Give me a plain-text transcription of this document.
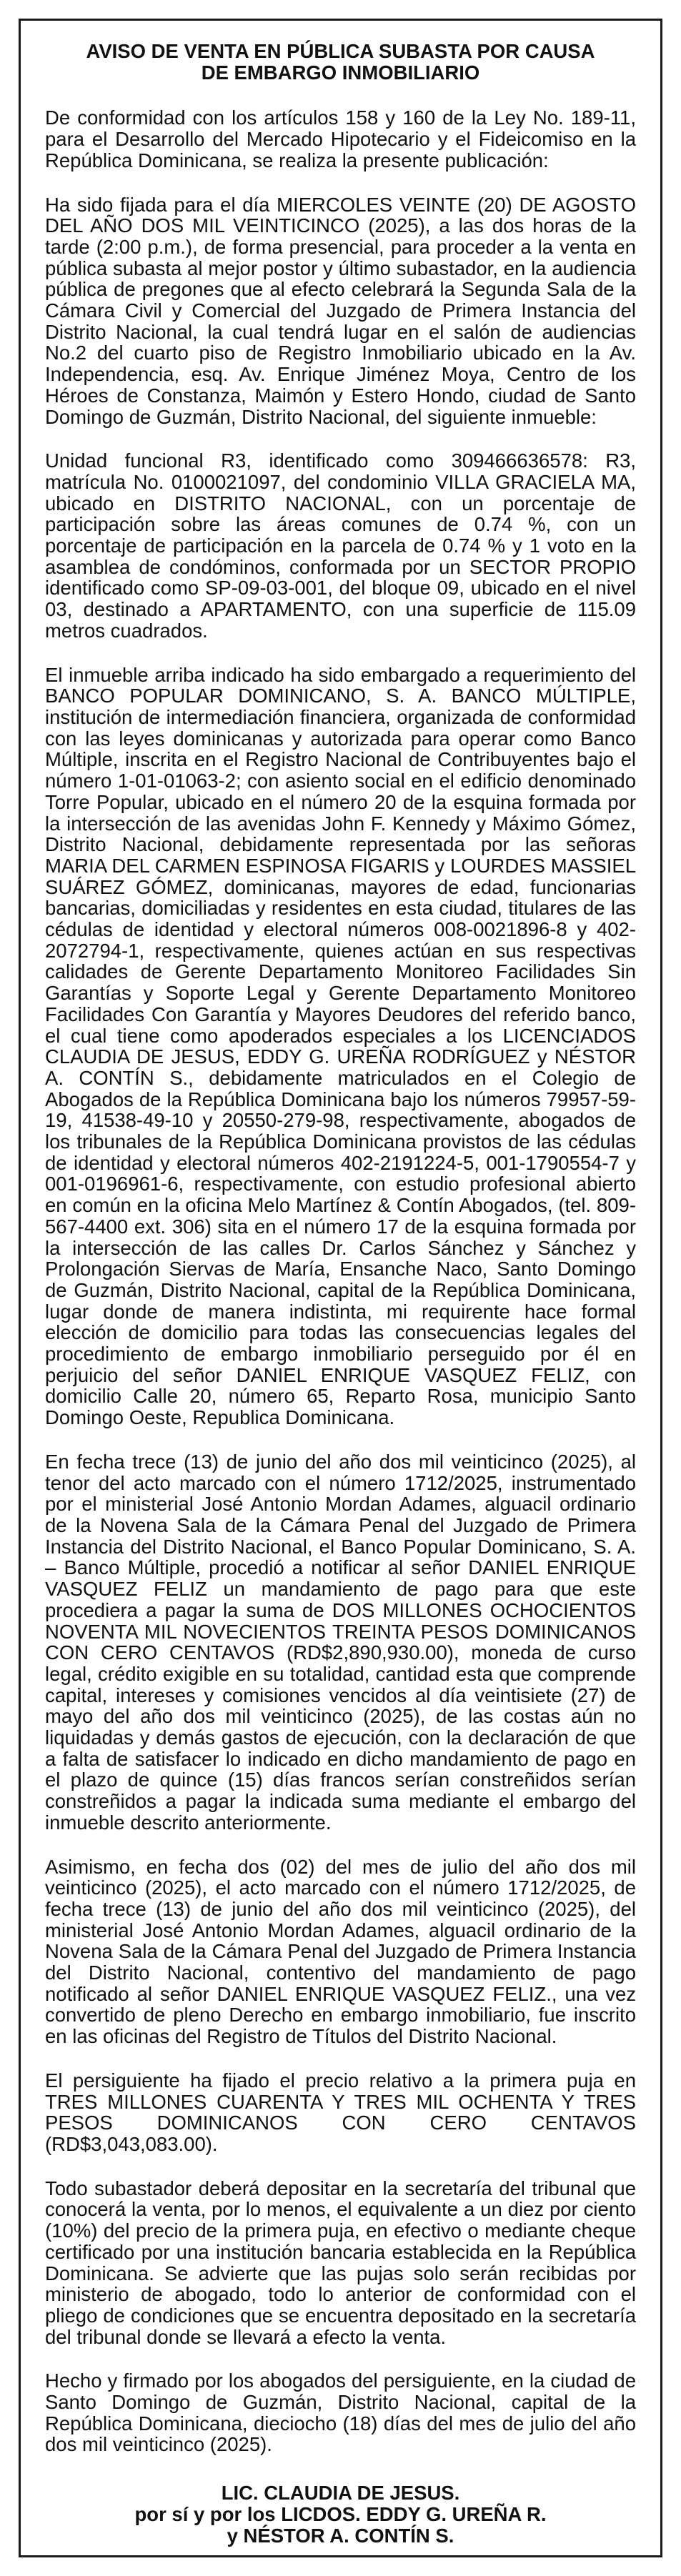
AVISO DE VENTA EN PÚBLICA SUBASTA POR CAUSA
DE EMBARGO INMOBILIARIO

De conformidad con los artículos 158 y 160 de la Ley No. 189-11, para el Desarrollo del Mercado Hipotecario y el Fideicomiso en la República Dominicana, se realiza la presente publicación:

Ha sido fijada para el día MIERCOLES VEINTE (20) DE AGOSTO DEL AÑO DOS MIL VEINTICINCO (2025), a las dos horas de la tarde (2:00 p.m.), de forma presencial, para proceder a la venta en pública subasta al mejor postor y último subastador, en la audiencia pública de pregones que al efecto celebrará la Segunda Sala de la Cámara Civil y Comercial del Juzgado de Primera Instancia del Distrito Nacional, la cual tendrá lugar en el salón de audiencias No.2 del cuarto piso de Registro Inmobiliario ubicado en la Av. Independencia, esq. Av. Enrique Jiménez Moya, Centro de los Héroes de Constanza, Maimón y Estero Hondo, ciudad de Santo Domingo de Guzmán, Distrito Nacional, del siguiente inmueble:

Unidad funcional R3, identificado como 309466636578: R3, matrícula No. 0100021097, del condominio VILLA GRACIELA MA, ubicado en DISTRITO NACIONAL, con un porcentaje de participación sobre las áreas comunes de 0.74 %, con un porcentaje de participación en la parcela de 0.74 % y 1 voto en la asamblea de condóminos, conformada por un SECTOR PROPIO identificado como SP-09-03-001, del bloque 09, ubicado en el nivel 03, destinado a APARTAMENTO, con una superficie de 115.09 metros cuadrados.

El inmueble arriba indicado ha sido embargado a requerimiento del BANCO POPULAR DOMINICANO, S. A. BANCO MÚLTIPLE, institución de intermediación financiera, organizada de conformidad con las leyes dominicanas y autorizada para operar como Banco Múltiple, inscrita en el Registro Nacional de Contribuyentes bajo el número 1-01-01063-2; con asiento social en el edificio denominado Torre Popular, ubicado en el número 20 de la esquina formada por la intersección de las avenidas John F. Kennedy y Máximo Gómez, Distrito Nacional, debidamente representada por las señoras MARIA DEL CARMEN ESPINOSA FIGARIS y LOURDES MASSIEL SUÁREZ GÓMEZ, dominicanas, mayores de edad, funcionarias bancarias, domiciliadas y residentes en esta ciudad, titulares de las cédulas de identidad y electoral números 008-0021896-8 y 402-2072794-1, respectivamente, quienes actúan en sus respectivas calidades de Gerente Departamento Monitoreo Facilidades Sin Garantías y Soporte Legal y Gerente Departamento Monitoreo Facilidades Con Garantía y Mayores Deudores del referido banco, el cual tiene como apoderados especiales a los LICENCIADOS CLAUDIA DE JESUS, EDDY G. UREÑA RODRÍGUEZ y NÉSTOR A. CONTÍN S., debidamente matriculados en el Colegio de Abogados de la República Dominicana bajo los números 79957-59-19, 41538-49-10 y 20550-279-98, respectivamente, abogados de los tribunales de la República Dominicana provistos de las cédulas de identidad y electoral números 402-2191224-5, 001-1790554-7 y 001-0196961-6, respectivamente, con estudio profesional abierto en común en la oficina Melo Martínez & Contín Abogados, (tel. 809-567-4400 ext. 306) sita en el número 17 de la esquina formada por la intersección de las calles Dr. Carlos Sánchez y Sánchez y Prolongación Siervas de María, Ensanche Naco, Santo Domingo de Guzmán, Distrito Nacional, capital de la República Dominicana, lugar donde de manera indistinta, mi requirente hace formal elección de domicilio para todas las consecuencias legales del procedimiento de embargo inmobiliario perseguido por él en perjuicio del señor DANIEL ENRIQUE VASQUEZ FELIZ, con domicilio Calle 20, número 65, Reparto Rosa, municipio Santo Domingo Oeste, Republica Dominicana.

En fecha trece (13) de junio del año dos mil veinticinco (2025), al tenor del acto marcado con el número 1712/2025, instrumentado por el ministerial José Antonio Mordan Adames, alguacil ordinario de la Novena Sala de la Cámara Penal del Juzgado de Primera Instancia del Distrito Nacional, el Banco Popular Dominicano, S. A. – Banco Múltiple, procedió a notificar al señor DANIEL ENRIQUE VASQUEZ FELIZ un mandamiento de pago para que este procediera a pagar la suma de DOS MILLONES OCHOCIENTOS NOVENTA MIL NOVECIENTOS TREINTA PESOS DOMINICANOS CON CERO CENTAVOS (RD$2,890,930.00), moneda de curso legal, crédito exigible en su totalidad, cantidad esta que comprende capital, intereses y comisiones vencidos al día veintisiete (27) de mayo del año dos mil veinticinco (2025), de las costas aún no liquidadas y demás gastos de ejecución, con la declaración de que a falta de satisfacer lo indicado en dicho mandamiento de pago en el plazo de quince (15) días francos serían constreñidos serían constreñidos a pagar la indicada suma mediante el embargo del inmueble descrito anteriormente.

Asimismo, en fecha dos (02) del mes de julio del año dos mil veinticinco (2025), el acto marcado con el número 1712/2025, de fecha trece (13) de junio del año dos mil veinticinco (2025), del ministerial José Antonio Mordan Adames, alguacil ordinario de la Novena Sala de la Cámara Penal del Juzgado de Primera Instancia del Distrito Nacional, contentivo del mandamiento de pago notificado al señor DANIEL ENRIQUE VASQUEZ FELIZ., una vez convertido de pleno Derecho en embargo inmobiliario, fue inscrito en las oficinas del Registro de Títulos del Distrito Nacional.

El persiguiente ha fijado el precio relativo a la primera puja en TRES MILLONES CUARENTA Y TRES MIL OCHENTA Y TRES PESOS DOMINICANOS CON CERO CENTAVOS (RD$3,043,083.00).

Todo subastador deberá depositar en la secretaría del tribunal que conocerá la venta, por lo menos, el equivalente a un diez por ciento (10%) del precio de la primera puja, en efectivo o mediante cheque certificado por una institución bancaria establecida en la República Dominicana. Se advierte que las pujas solo serán recibidas por ministerio de abogado, todo lo anterior de conformidad con el pliego de condiciones que se encuentra depositado en la secretaría del tribunal donde se llevará a efecto la venta.

Hecho y firmado por los abogados del persiguiente, en la ciudad de Santo Domingo de Guzmán, Distrito Nacional, capital de la República Dominicana, dieciocho (18) días del mes de julio del año dos mil veinticinco (2025).

LIC. CLAUDIA DE JESUS.
por sí y por los LICDOS. EDDY G. UREÑA R.
y NÉSTOR A. CONTÍN S.
